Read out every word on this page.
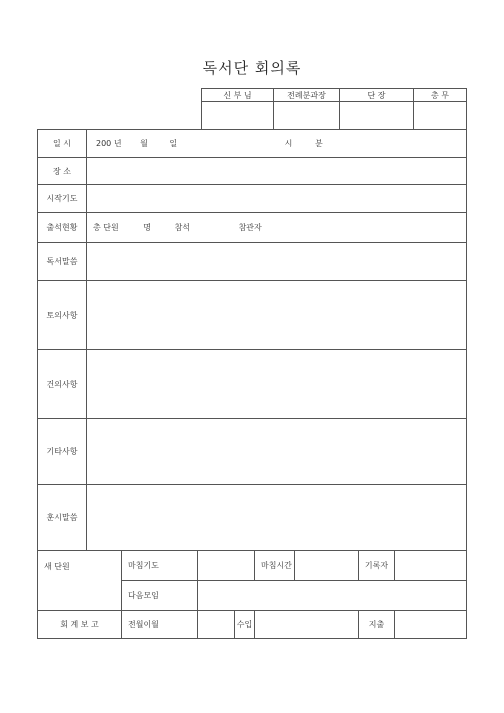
독서단 회의록
신 부 님	전례분과장	단 장	총 무

일 시	200 년 월 일 시 분							
장 소								
시작기도								
출석현황	총 단원 명 참석 참관자							
독서말씀								
토의사항								
건의사항								
기타사항								
훈시말씀								
새 단원		마침기도			마침시간		기록자	
		다음모임						
회 계 보 고		전월이월		수입			지출	
